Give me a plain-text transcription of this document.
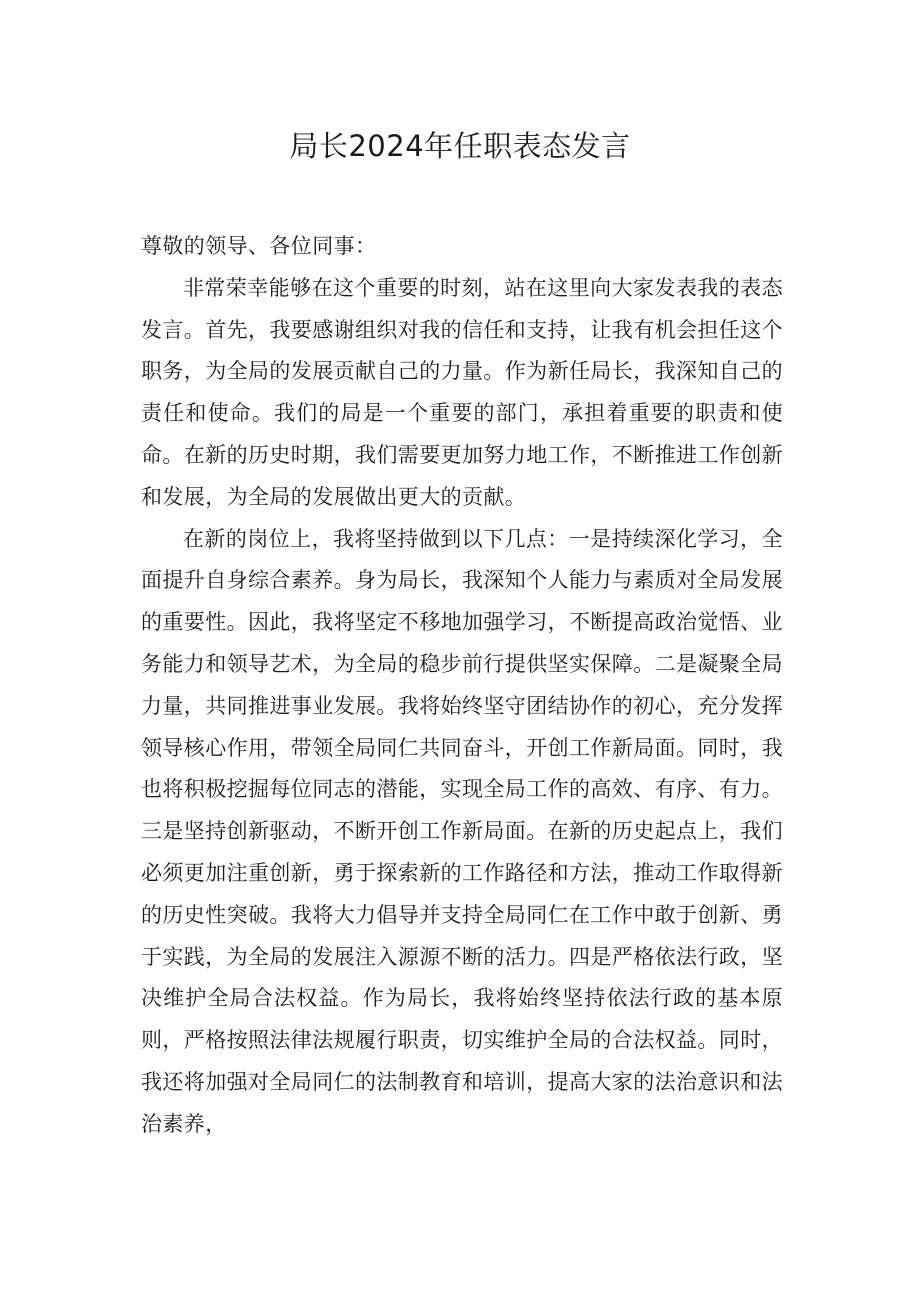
局长2024年任职表态发言

尊敬的领导、各位同事：

非常荣幸能够在这个重要的时刻，站在这里向大家发表我的表态发言。首先，我要感谢组织对我的信任和支持，让我有机会担任这个职务，为全局的发展贡献自己的力量。作为新任局长，我深知自己的责任和使命。我们的局是一个重要的部门，承担着重要的职责和使命。在新的历史时期，我们需要更加努力地工作，不断推进工作创新和发展，为全局的发展做出更大的贡献。

在新的岗位上，我将坚持做到以下几点：一是持续深化学习，全面提升自身综合素养。身为局长，我深知个人能力与素质对全局发展的重要性。因此，我将坚定不移地加强学习，不断提高政治觉悟、业务能力和领导艺术，为全局的稳步前行提供坚实保障。二是凝聚全局力量，共同推进事业发展。我将始终坚守团结协作的初心，充分发挥领导核心作用，带领全局同仁共同奋斗，开创工作新局面。同时，我也将积极挖掘每位同志的潜能，实现全局工作的高效、有序、有力。三是坚持创新驱动，不断开创工作新局面。在新的历史起点上，我们必须更加注重创新，勇于探索新的工作路径和方法，推动工作取得新的历史性突破。我将大力倡导并支持全局同仁在工作中敢于创新、勇于实践，为全局的发展注入源源不断的活力。四是严格依法行政，坚决维护全局合法权益。作为局长，我将始终坚持依法行政的基本原则，严格按照法律法规履行职责，切实维护全局的合法权益。同时，我还将加强对全局同仁的法制教育和培训，提高大家的法治意识和法治素养，
